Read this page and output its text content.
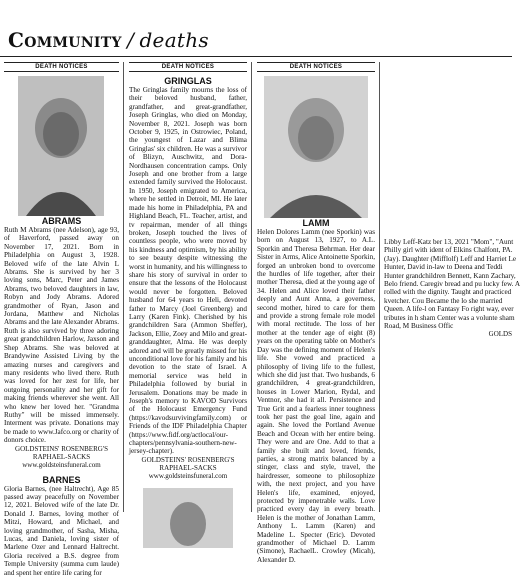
Community / deaths
DEATH NOTICES
ABRAMS
Ruth M Abrams (nee Adelson), age 93, of Haverford, passed away on November 17, 2021. Born in Philadelphia on August 3, 1928. Beloved wife of the late Alvin L Abrams. She is survived by her 3 loving sons, Marc, Peter and James Abrams, two beloved daughters in law, Robyn and Jody Abrams. Adored grandmother of Ryan, Jason and Jordana, Matthew and Nicholas Abrams and the late Alexander Abrams. Ruth is also survived by three adoring great grandchildren Harlow, Jaxson and Shep Abrams. She was beloved at Brandywine Assisted Living by the amazing nurses and caregivers and many residents who lived there. Ruth was loved for her zest for life, her outgoing personality and her gift for making friends wherever she went. All who knew her loved her. "Grandma Ruthy" will be missed immensely. Interment was private. Donations may be made to www.Jafco.org or charity of donors choice.
GOLDSTEINS' ROSENBERG'S
RAPHAEL-SACKS
www.goldsteinsfuneral.com
BARNES
Gloria Barnes, (nee Haltrecht), Age 85 passed away peacefully on November 12, 2021. Beloved wife of the late Dr. Donald J. Barnes, loving mother of Mitzi, Howard, and Michael, and loving grandmother, of Sasha, Misha, Lucas, and Daniela, loving sister of Marlene Ozer and Lennard Haltrecht. Gloria received a B.S. degree from Temple University (summa cum laude) and spent her entire life caring for
DEATH NOTICES
GRINGLAS
The Gringlas family mourns the loss of their beloved husband, father, grandfather, and great-grandfather, Joseph Gringlas, who died on Monday, November 8, 2021. Joseph was born October 9, 1925, in Ostrowiec, Poland, the youngest of Lazar and Blima Gringlas' six children. He was a survivor of Blizyn, Auschwitz, and Dora-Nordhausen concentration camps. Only Joseph and one brother from a large extended family survived the Holocaust. In 1950, Joseph emigrated to America, where he settled in Detroit, MI. He later made his home in Philadelphia, PA and Highland Beach, FL. Teacher, artist, and tv repairman, mender of all things broken, Joseph touched the lives of countless people, who were moved by his kindness and optimism, by his ability to see beauty despite witnessing the worst in humanity, and his willingness to share his story of survival in order to ensure that the lessons of the Holocaust would never be forgotten. Beloved husband for 64 years to Heli, devoted father to Marcy (Joel Greenberg) and Larry (Karen Fink). Cherished by his grandchildren Sara (Ammon Sheffer), Jackson, Ellie, Zoey and Milo and great-granddaughter, Alma. He was deeply adored and will be greatly missed for his unconditional love for his family and his devotion to the state of Israel. A memorial service was held in Philadelphia followed by burial in Jerusalem. Donations may be made in Joseph's memory to KAVOD Survivors of the Holocaust Emergency Fund (https://kavodsurvivingfamily.com) or Friends of the IDF Philadelphia Chapter (https://www.fidf.org/actlocal/our-chapters/pennsylvania-southern-new-jersey-chapter).
GOLDSTEINS' ROSENBERG'S
RAPHAEL-SACKS
www.goldsteinsfuneral.com
DEATH NOTICES
LAMM
Helen Dolores Lamm (nee Sporkin) was born on August 13, 1927, to A.L. Sporkin and Theresa Behrman. Her dear Sister in Arms, Alice Antoinette Sporkin, forged an unbroken bond to overcome the hurdles of life together, after their mother Theresa, died at the young age of 34. Helen and Alice loved their father deeply and Aunt Anna, a governess, second mother, hired to care for them and provide a strong female role model with moral rectitude. The loss of her mother at the tender age of eight (8) years on the operating table on Mother's Day was the defining moment of Helen's life. She vowed and practiced a philosophy of living life to the fullest, which she did just that. Two husbands, 6 grandchildren, 4 great-grandchildren, houses in Lower Marion, Rydal, and Ventnor, she had it all. Persistence and True Grit and a fearless inner toughness took her past the goal line, again and again. She loved the Portland Avenue Beach and Ocean with her entire being. They were and are One. Add to that a family she built and loved, friends, parties, a strong matrix balanced by a stinger, class and style, travel, the hairdresser, someone to philosophize with, the next project, and you have Helen's life, examined, enjoyed, protected by impenetrable walls. Love practiced every day in every breath. Helen is the mother of Jonathan Lamm, Anthony L. Lamm (Karen) and Madeline L. Specter (Eric). Devoted grandmother of Michael D. Lamm (Simone), RachaelL. Crowley (Micah), Alexander D.
Libby Leff-Katz ber 13, 2021 "Mom", "Aunt Philly girl with ident of Elkins Chalfont, PA. (Jay). Daughter (Mifflolf) Leff and Harriet Le Hunter, David in-law to Deena and Teddi Hunter grandchildren Bennett, Kann Zachary, Belo friend. Caregiv bread and pu lucky few. A rolled with the dignity. Taught and practiced kvetcher. Cou Became the lo she married Queen. A life-l on Fantasy Fo right way, ever tributes in h sham Center was a volunte sham Road, M Business Offic
GOLDS
